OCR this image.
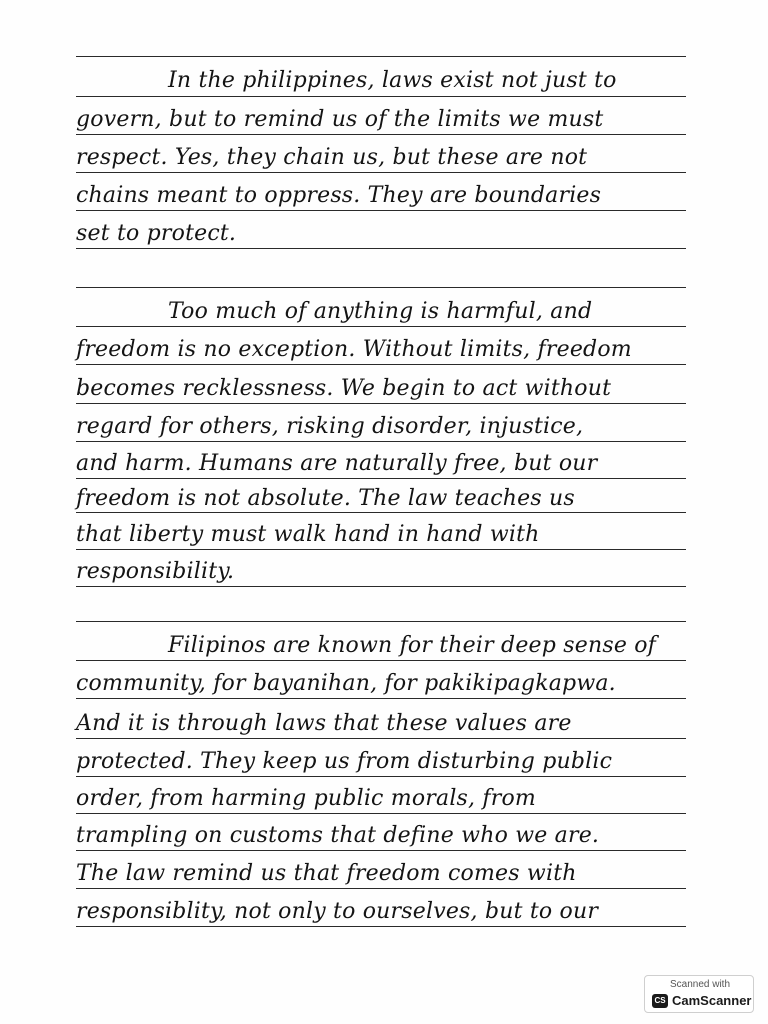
In the philippines, laws exist not just to
govern, but to remind us of the limits we must
respect. Yes, they chain us, but these are not
chains meant to oppress. They are boundaries
set to protect.
Too much of anything is harmful, and
freedom is no exception. Without limits, freedom
becomes recklessness. We begin to act without
regard for others, risking disorder, injustice,
and harm. Humans are naturally free, but our
freedom is not absolute. The law teaches us
that liberty must walk hand in hand with
responsibility.
Filipinos are known for their deep sense of
community, for bayanihan, for pakikipagkapwa.
And it is through laws that these values are
protected. They keep us from disturbing public
order, from harming public morals, from
trampling on customs that define who we are.
The law remind us that freedom comes with
responsiblity, not only to ourselves, but to our
Scanned with
CS CamScanner
